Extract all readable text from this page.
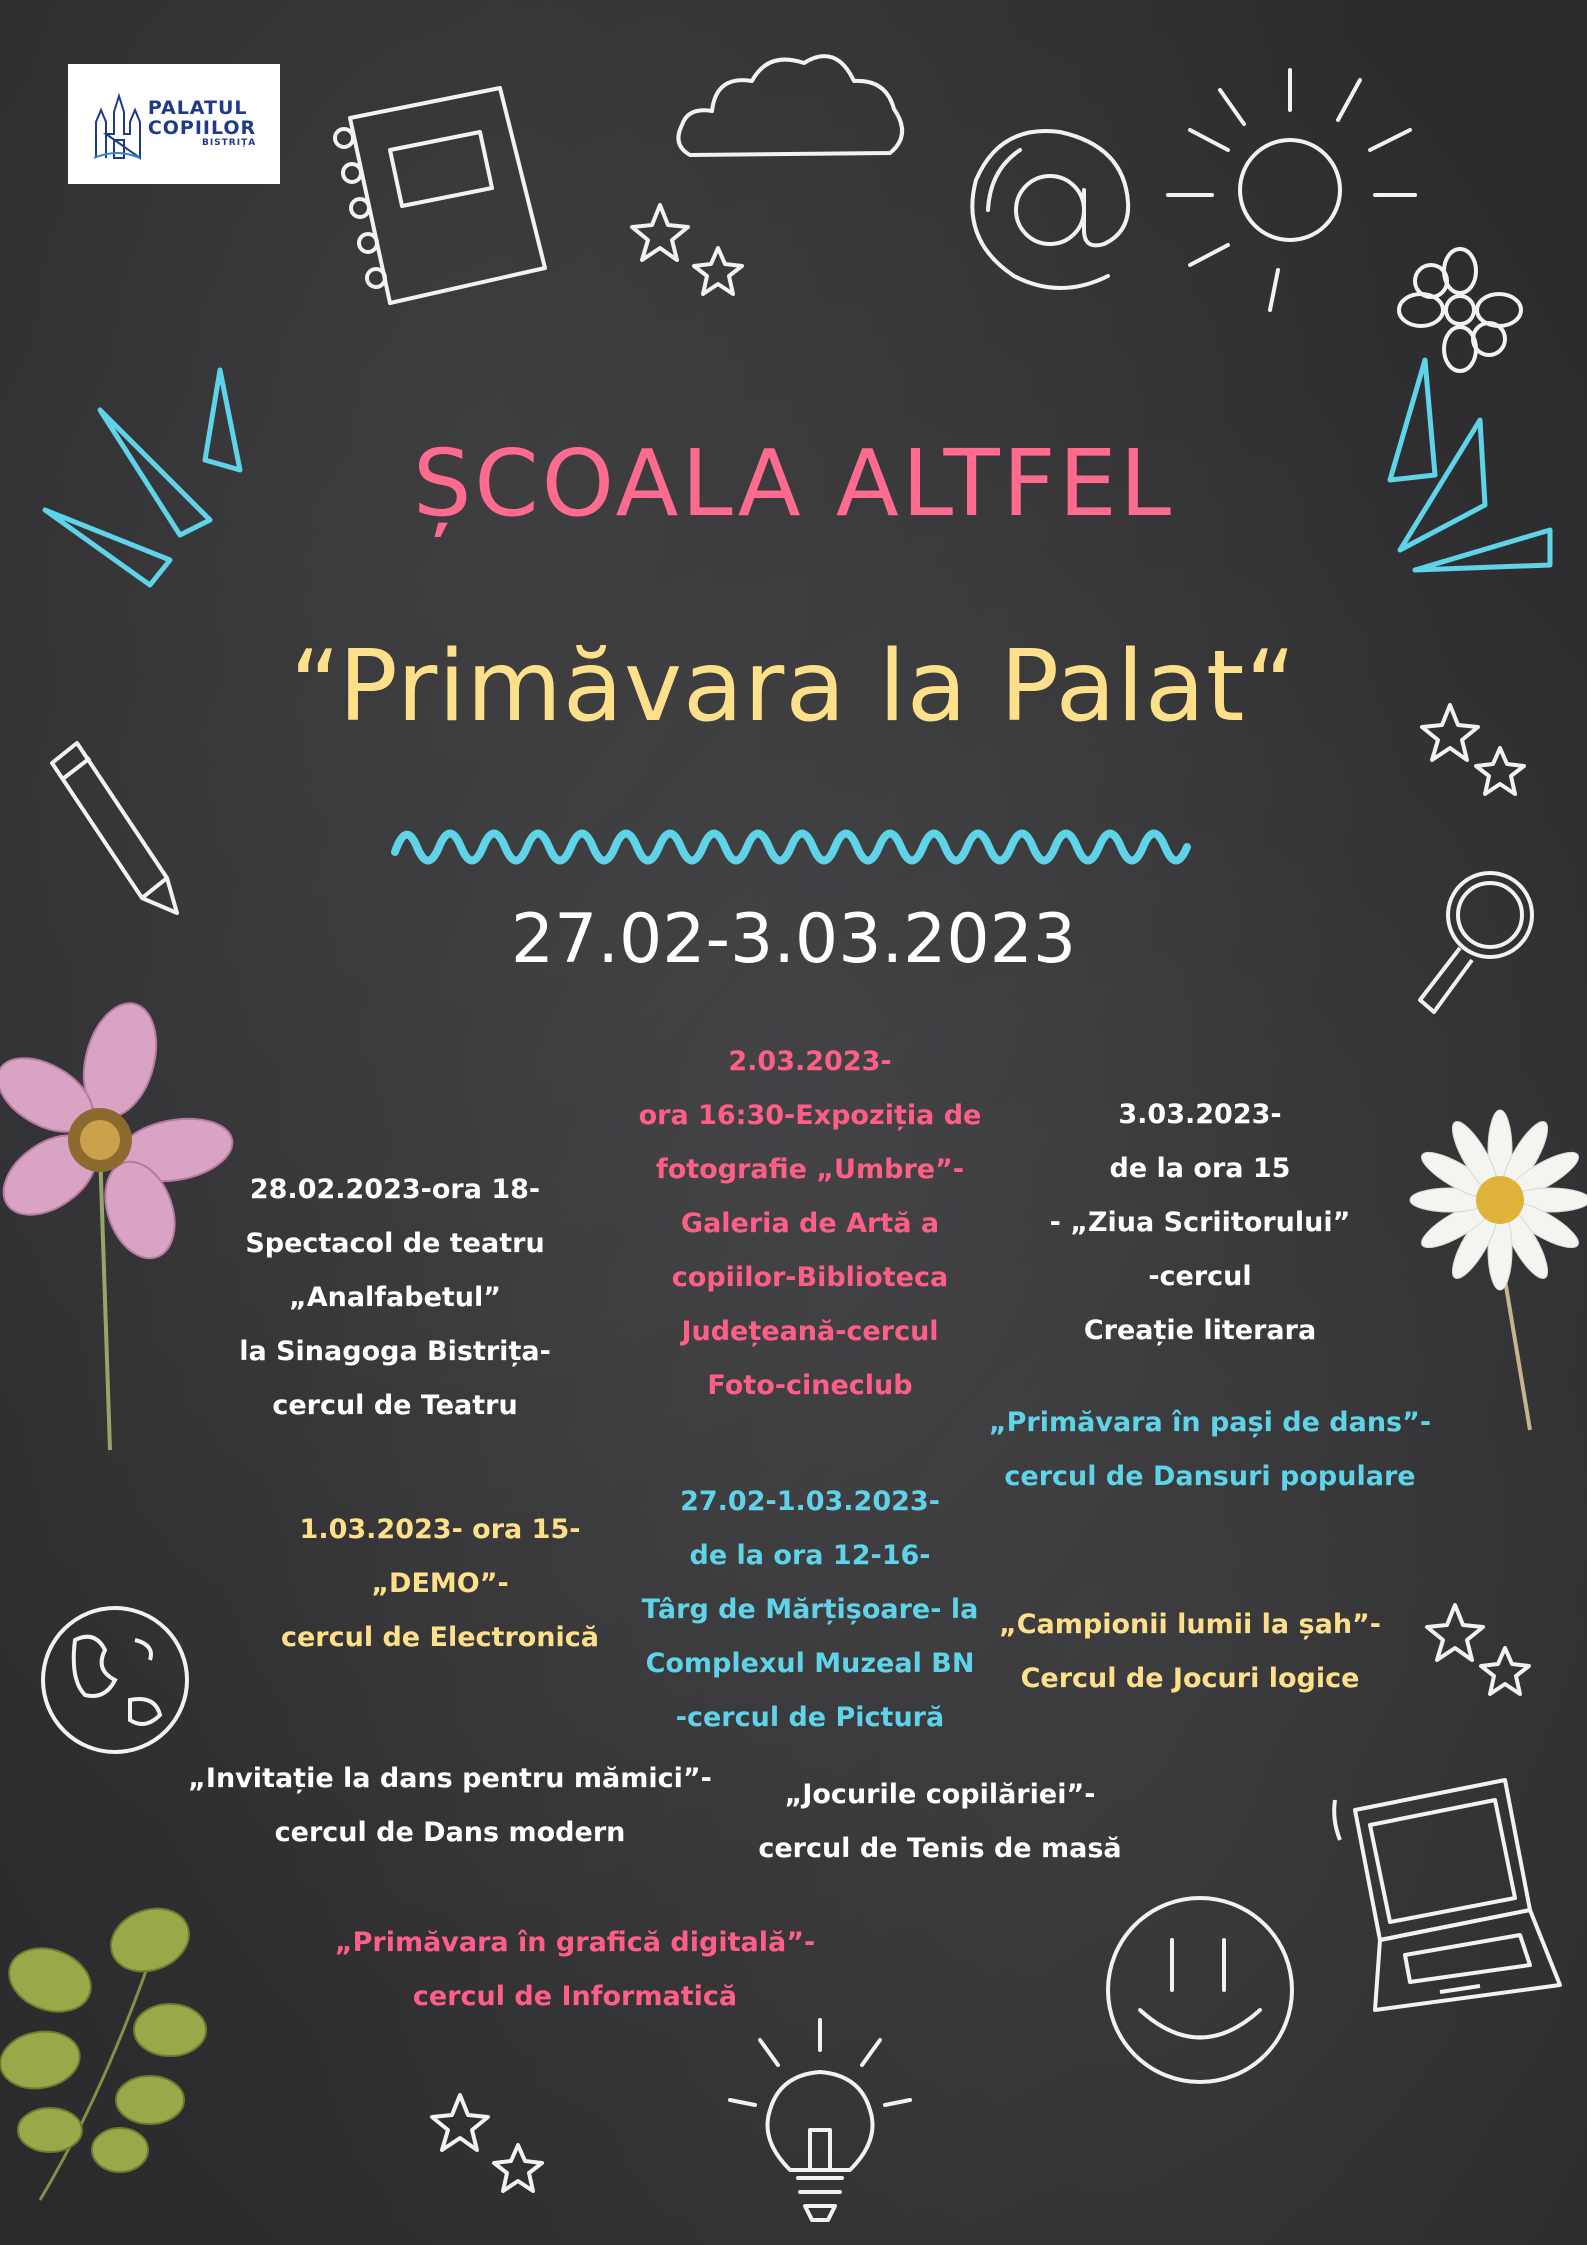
PALATUL
COPIILOR
BISTRIȚA
ȘCOALA ALTFEL
“Primăvara la Palat“
27.02-3.03.2023
28.02.2023-ora 18-
Spectacol de teatru
„Analfabetul”
la Sinagoga Bistrița-
cercul de Teatru
2.03.2023-
ora 16:30-Expoziția de
fotografie „Umbre”-
Galeria de Artă a
copiilor-Biblioteca
Județeană-cercul
Foto-cineclub
3.03.2023-
de la ora 15
- „Ziua Scriitorului”
-cercul
Creație literara
„Primăvara în pași de dans”-
cercul de Dansuri populare
1.03.2023- ora 15-
„DEMO”-
cercul de Electronică
27.02-1.03.2023-
de la ora 12-16-
Târg de Mărțișoare- la
Complexul Muzeal BN
-cercul de Pictură
„Campionii lumii la șah”-
Cercul de Jocuri logice
„Invitație la dans pentru mămici”-
cercul de Dans modern
„Jocurile copilăriei”-
cercul de Tenis de masă
„Primăvara în grafică digitală”-
cercul de Informatică
